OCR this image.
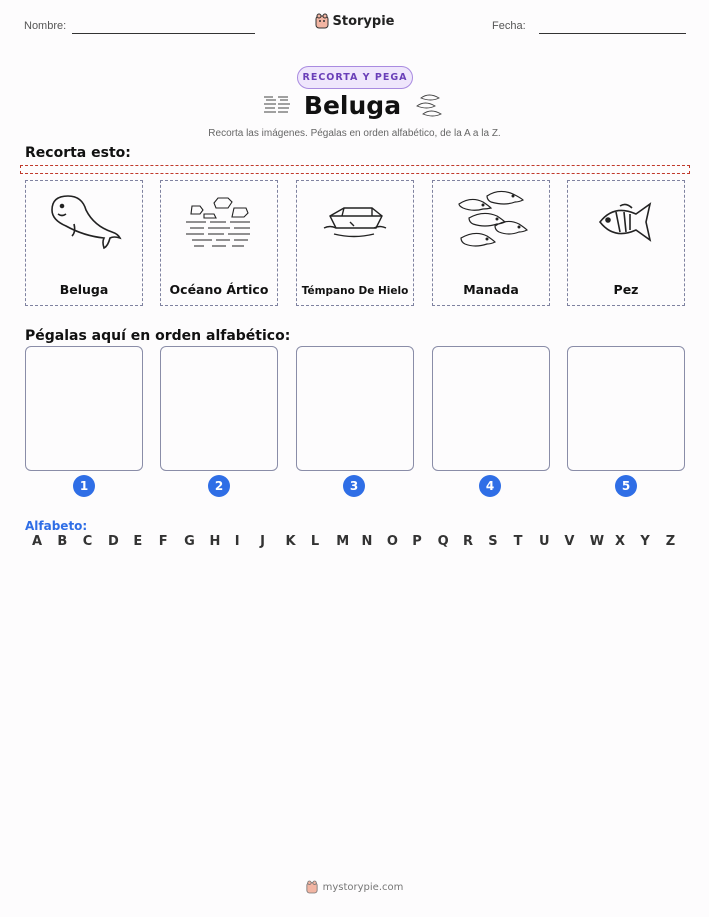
Nombre:	Storypie	Fecha:
RECORTA Y PEGA
Beluga
Recorta las imágenes. Pégalas en orden alfabético, de la A a la Z.
Recorta esto:
Beluga	Océano Ártico	Témpano De Hielo	Manada	Pez
Pégalas aquí en orden alfabético:
1	2	3	4	5
Alfabeto:
A B C D E F G H I J K L M N O P Q R S T U V W X Y Z
mystorypie.com
